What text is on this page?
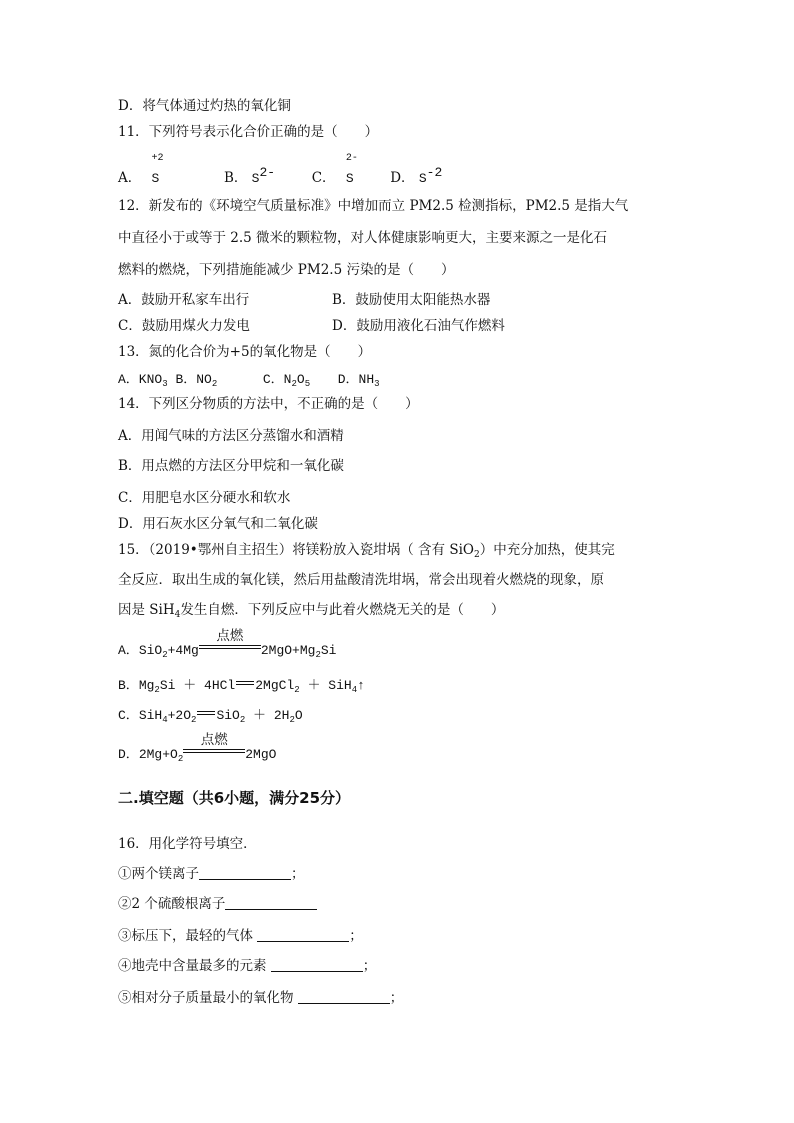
D．将气体通过灼热的氧化铜
11．下列符号表示化合价正确的是（　　）
A．
+2
S	B． $S^{2-}$	C．
2-
S	D． $S^{-2}$
12．新发布的《环境空气质量标准》中增加而立 PM2.5 检测指标，PM2.5 是指大气
中直径小于或等于 2.5 微米的颗粒物，对人体健康影响更大，主要来源之一是化石
燃料的燃烧，下列措施能减少 PM2.5 污染的是（　　）
A．鼓励开私家车出行	B．鼓励使用太阳能热水器
C．鼓励用煤火力发电	D．鼓励用液化石油气作燃料
13．氮的化合价为+5的氧化物是（　　）
A．$KNO_3$ B．$NO_2$	C．$N_2O_5$ D．$NH_3$
14．下列区分物质的方法中，不正确的是（　　）
A．用闻气味的方法区分蒸馏水和酒精
B．用点燃的方法区分甲烷和一氧化碳
C．用肥皂水区分硬水和软水
D．用石灰水区分氧气和二氧化碳
15．（2019•鄂州自主招生）将镁粉放入瓷坩埚（ 含有 SiO$_2$）中充分加热，使其完
全反应．取出生成的氧化镁，然后用盐酸清洗坩埚，常会出现着火燃烧的现象，原
因是 SiH$_4$发生自燃．下列反应中与此着火燃烧无关的是（　　）
A．SiO$_2$+4Mg
点燃
$2MgO+Mg_2Si$
B．$Mg_2Si + 4HCl$ 2MgCl$_2$ ＋ SiH$_4$↑
C．$SiH_4+2O_2$ $SiO_2 + 2H_2O$
D．$2Mg+O_2$
点燃
2MgO
二.填空题（共6小题，满分25分）
16．用化学符号填空．
①两个镁离子	；
②2 个硫酸根离子
③标压下，最轻的气体	；
④地壳中含量最多的元素	；
⑤相对分子质量最小的氧化物	；
